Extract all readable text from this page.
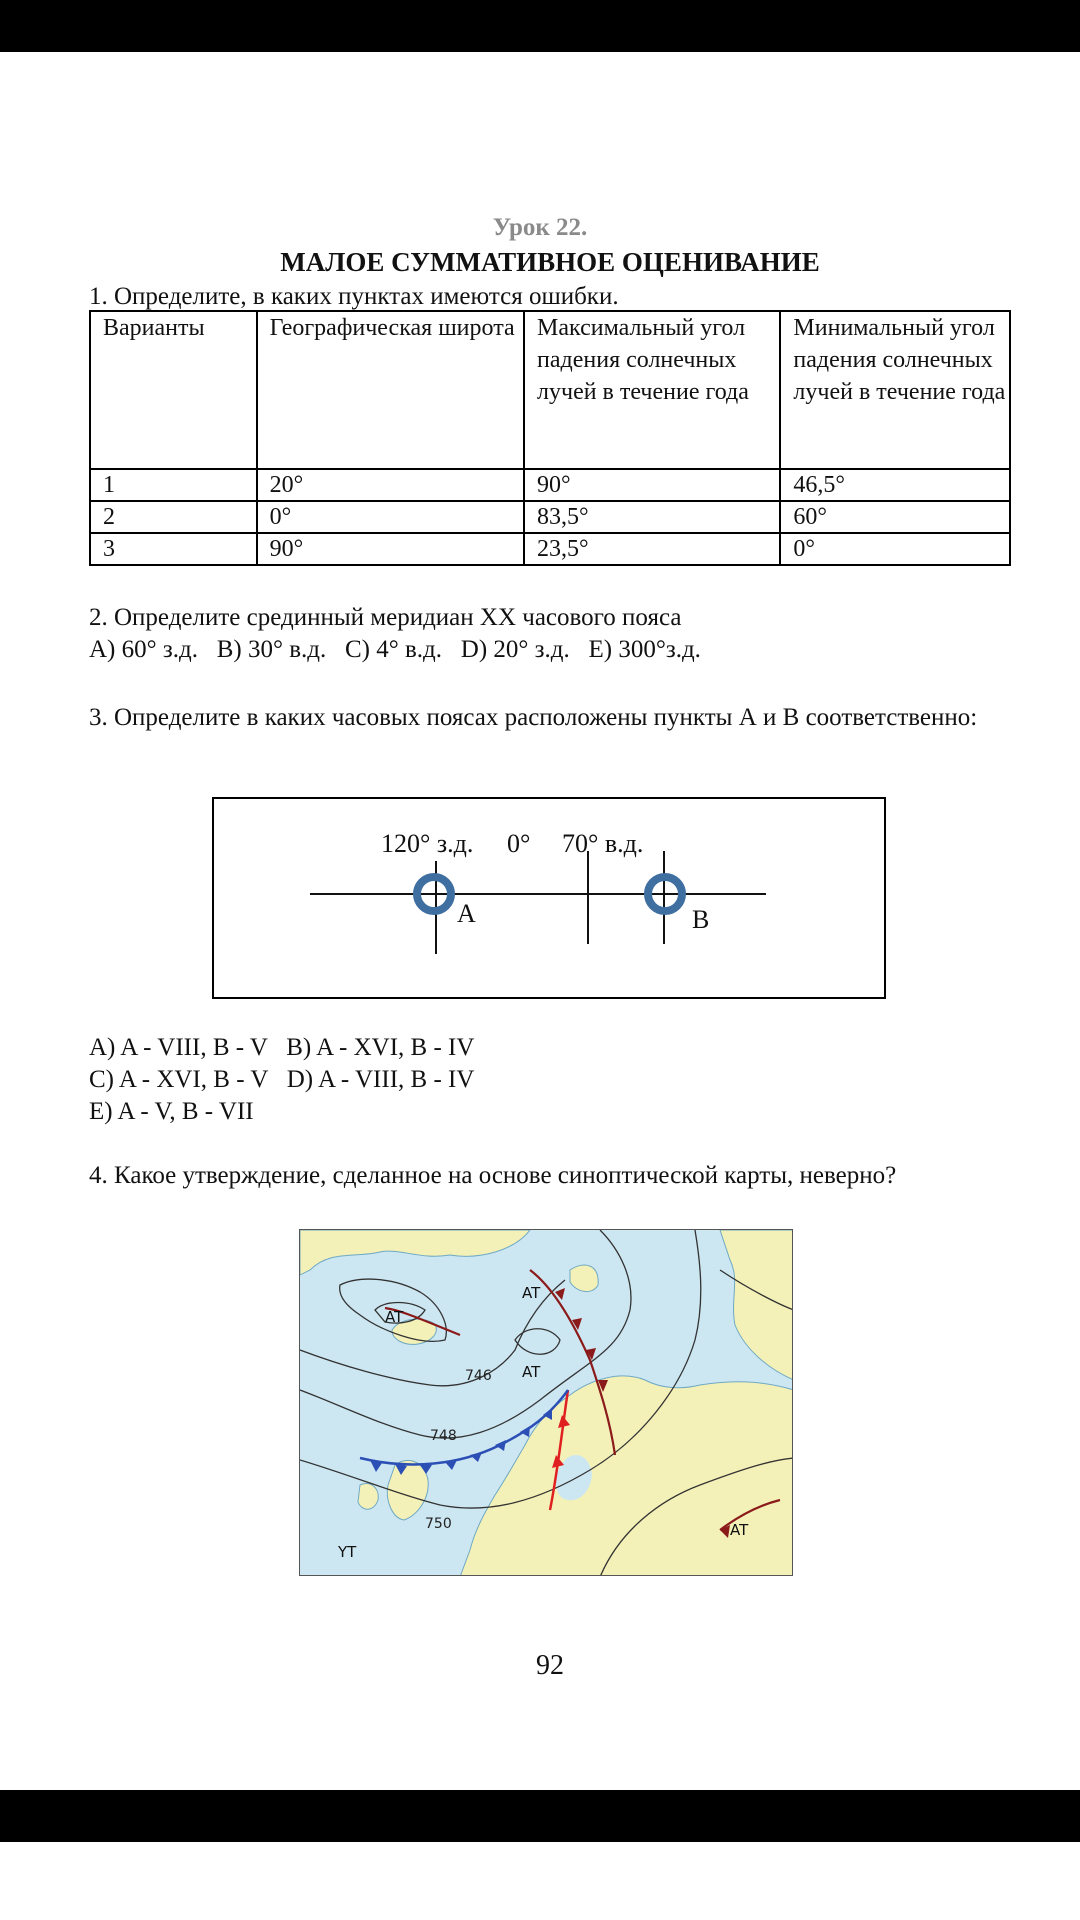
Урок 22.
МАЛОЕ СУММАТИВНОЕ ОЦЕНИВАНИЕ
1. Определите, в каких пунктах имеются ошибки.
Варианты	Географическая широта	Максимальный угол падения солнечных лучей в течение года	Минимальный угол падения солнечных лучей в течение года
1	20°	90°	46,5°
2	0°	83,5°	60°
3	90°	23,5°	0°
2. Определите срединный меридиан XX часового пояса
A) 60° з.д.   B) 30° в.д.   C) 4° в.д.   D) 20° з.д.   E) 300°з.д.
3. Определите в каких часовых поясах расположены пункты А и В соответственно:
120° з.д. 0° 70° в.д.
A	B
A) A - VIII, B - V   B) A - XVI, B - IV
C) A - XVI, B - V   D) A - VIII, B - IV
E) A - V, B - VII
4. Какое утверждение, сделанное на основе синоптической карты, неверно?
746
748
750
AT
AT
AT
AT
YT
92
